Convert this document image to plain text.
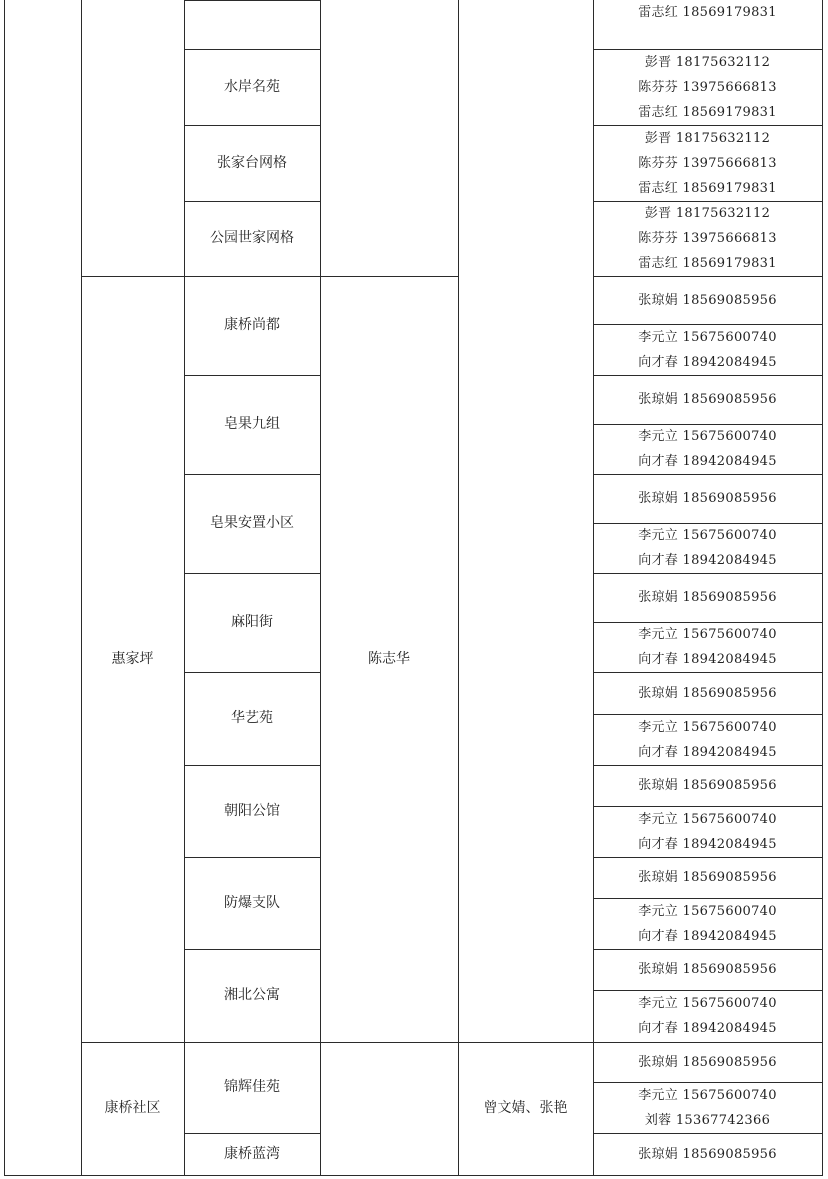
惠家坪
康桥社区
水岸名苑
张家台网格
公园世家网格
康桥尚都
皂果九组
皂果安置小区
麻阳街
华艺苑
朝阳公馆
防爆支队
湘北公寓
锦辉佳苑
康桥蓝湾
陈志华
曾文婧、张艳
雷志红 18569179831
彭晋 18175632112
陈芬芬 13975666813
雷志红 18569179831
彭晋 18175632112
陈芬芬 13975666813
雷志红 18569179831
彭晋 18175632112
陈芬芬 13975666813
雷志红 18569179831
张琼娟 18569085956
李元立 15675600740
向才春 18942084945
张琼娟 18569085956
李元立 15675600740
向才春 18942084945
张琼娟 18569085956
李元立 15675600740
向才春 18942084945
张琼娟 18569085956
李元立 15675600740
向才春 18942084945
张琼娟 18569085956
李元立 15675600740
向才春 18942084945
张琼娟 18569085956
李元立 15675600740
向才春 18942084945
张琼娟 18569085956
李元立 15675600740
向才春 18942084945
张琼娟 18569085956
李元立 15675600740
向才春 18942084945
张琼娟 18569085956
李元立 15675600740
刘蓉 15367742366
张琼娟 18569085956
